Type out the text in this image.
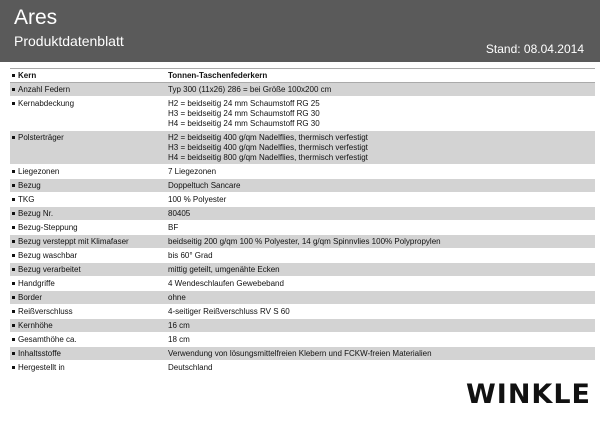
Ares
Produktdatenblatt	Stand: 08.04.2014
Kern	Tonnen-Taschenfederkern
Anzahl Federn	Typ 300 (11x26) 286 = bei Größe 100x200 cm
Kernabdeckung	H2 = beidseitig 24 mm Schaumstoff RG 25
H3 = beidseitig 24 mm Schaumstoff RG 30
H4 = beidseitig 24 mm Schaumstoff RG 30
Polsterträger	H2 = beidseitig 400 g/qm Nadelflies, thermisch verfestigt
H3 = beidseitig 400 g/qm Nadelflies, thermisch verfestigt
H4 = beidseitig 800 g/qm Nadelflies, thermisch verfestigt
Liegezonen	7 Liegezonen
Bezug	Doppeltuch Sancare
TKG	100 % Polyester
Bezug Nr.	80405
Bezug-Steppung	BF
Bezug versteppt mit Klimafaser	beidseitig 200 g/qm 100 % Polyester, 14 g/qm Spinnvlies 100% Polypropylen
Bezug waschbar	bis 60° Grad
Bezug verarbeitet	mittig geteilt, umgenähte Ecken
Handgriffe	4 Wendeschlaufen Gewebeband
Border	ohne
Reißverschluss	4-seitiger Reißverschluss RV S 60
Kernhöhe	16 cm
Gesamthöhe ca.	18 cm
Inhaltsstoffe	Verwendung von lösungsmittelfreien Klebern und FCKW-freien Materialien
Hergestellt in	Deutschland
WINKLE
